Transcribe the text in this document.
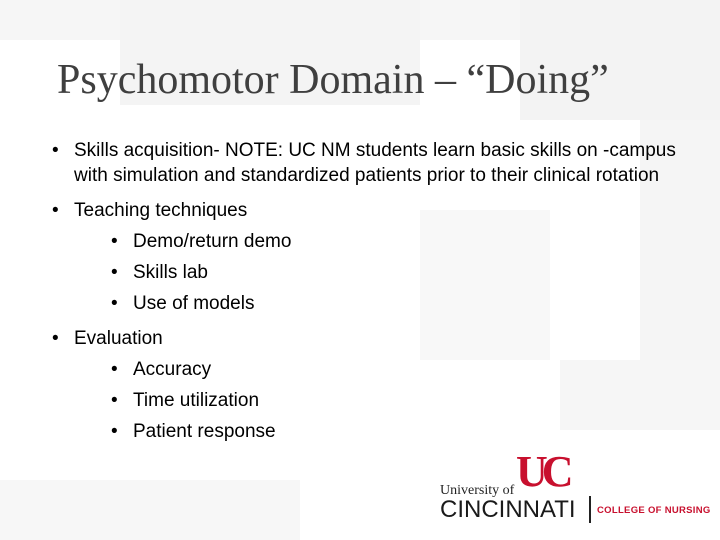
Psychomotor Domain – “Doing”
• Skills acquisition- NOTE: UC NM students learn basic skills on -campus with simulation and standardized patients prior to their clinical rotation
• Teaching techniques
• Demo/return demo
• Skills lab
• Use of models
• Evaluation
• Accuracy
• Time utilization
• Patient response
UC
University of
CINCINNATI COLLEGE OF NURSING
